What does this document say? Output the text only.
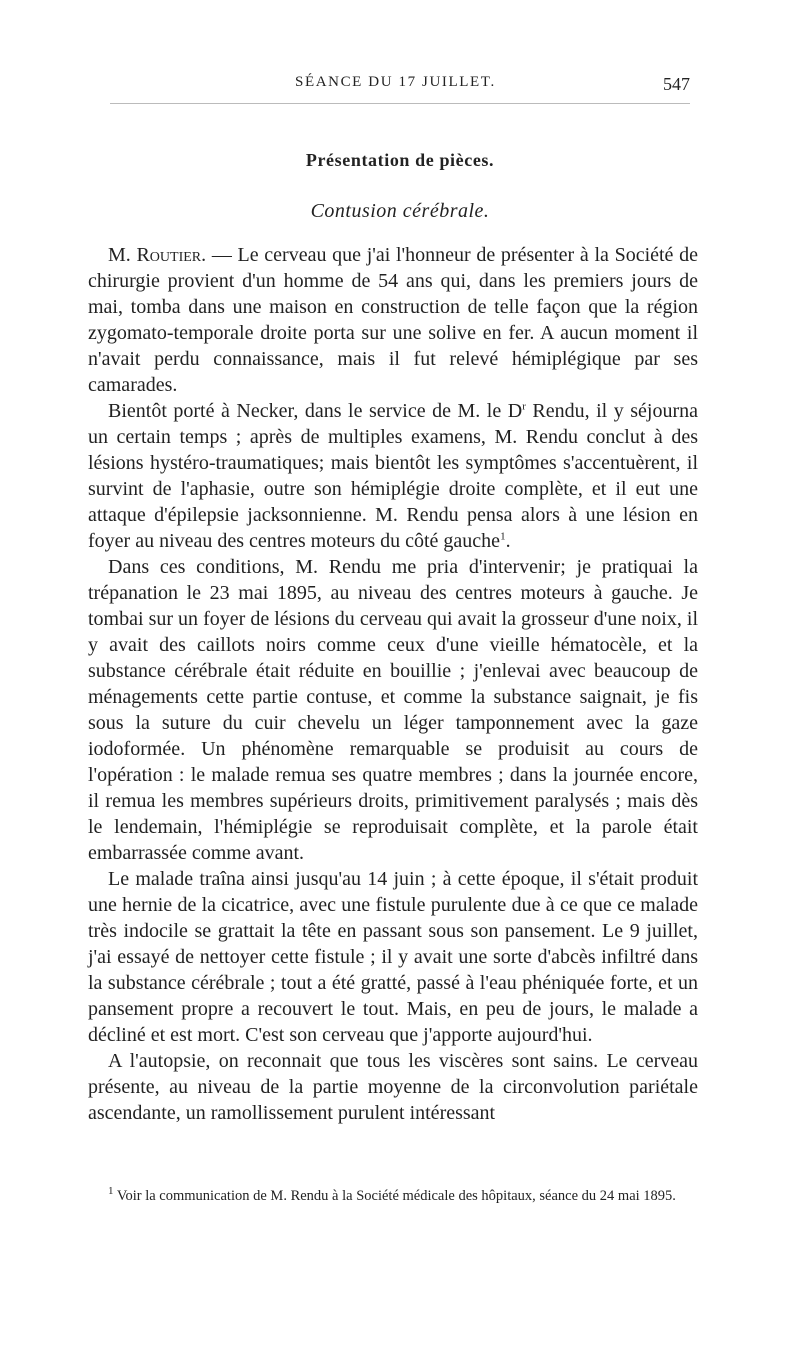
SÉANCE DU 17 JUILLET.	547
Présentation de pièces.
Contusion cérébrale.

M. Routier. — Le cerveau que j'ai l'honneur de présenter à la Société de chirurgie provient d'un homme de 54 ans qui, dans les premiers jours de mai, tomba dans une maison en construction de telle façon que la région zygomato-temporale droite porta sur une solive en fer. A aucun moment il n'avait perdu connaissance, mais il fut relevé hémiplégique par ses camarades.

Bientôt porté à Necker, dans le service de M. le $D^r$ Rendu, il y séjourna un certain temps ; après de multiples examens, M. Rendu conclut à des lésions hystéro-traumatiques; mais bientôt les symptômes s'accentuèrent, il survint de l'aphasie, outre son hémiplégie droite complète, et il eut une attaque d'épilepsie jacksonnienne. M. Rendu pensa alors à une lésion en foyer au niveau des centres moteurs du côté gauche$^1$.

Dans ces conditions, M. Rendu me pria d'intervenir; je pratiquai la trépanation le 23 mai 1895, au niveau des centres moteurs à gauche. Je tombai sur un foyer de lésions du cerveau qui avait la grosseur d'une noix, il y avait des caillots noirs comme ceux d'une vieille hématocèle, et la substance cérébrale était réduite en bouillie ; j'enlevai avec beaucoup de ménagements cette partie contuse, et comme la substance saignait, je fis sous la suture du cuir chevelu un léger tamponnement avec la gaze iodoformée. Un phénomène remarquable se produisit au cours de l'opération : le malade remua ses quatre membres ; dans la journée encore, il remua les membres supérieurs droits, primitivement paralysés ; mais dès le lendemain, l'hémiplégie se reproduisait complète, et la parole était embarrassée comme avant.

Le malade traîna ainsi jusqu'au 14 juin ; à cette époque, il s'était produit une hernie de la cicatrice, avec une fistule purulente due à ce que ce malade très indocile se grattait la tête en passant sous son pansement. Le 9 juillet, j'ai essayé de nettoyer cette fistule ; il y avait une sorte d'abcès infiltré dans la substance cérébrale ; tout a été gratté, passé à l'eau phéniquée forte, et un pansement propre a recouvert le tout. Mais, en peu de jours, le malade a décliné et est mort. C'est son cerveau que j'apporte aujourd'hui.

A l'autopsie, on reconnait que tous les viscères sont sains. Le cerveau présente, au niveau de la partie moyenne de la circonvolution pariétale ascendante, un ramollissement purulent intéressant

$^1$ Voir la communication de M. Rendu à la Société médicale des hôpitaux, séance du 24 mai 1895.
